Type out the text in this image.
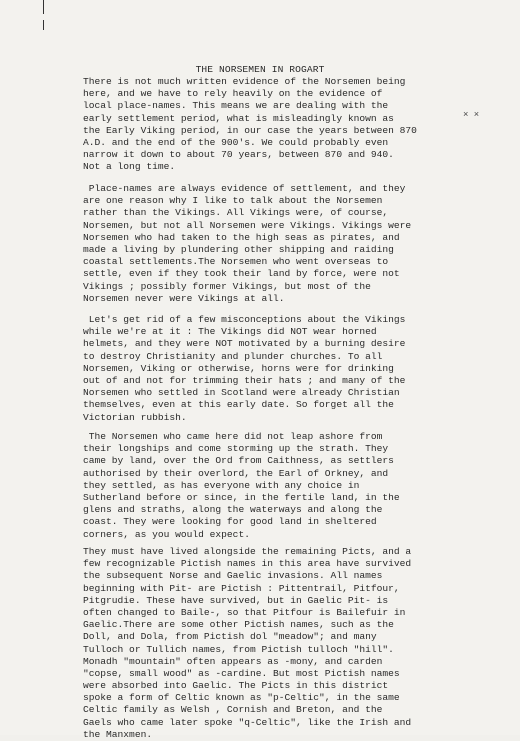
THE NORSEMEN IN ROGART
There is not much written evidence of the Norsemen being
here, and we have to rely heavily on the evidence of
local place-names. This means we are dealing with the
early settlement period, what is misleadingly known as
the Early Viking period, in our case the years between 870
A.D. and the end of the 900's. We could probably even
narrow it down to about 70 years, between 870 and 940.
Not a long time.
Place-names are always evidence of settlement, and they
are one reason why I like to talk about the Norsemen
rather than the Vikings. All Vikings were, of course,
Norsemen, but not all Norsemen were Vikings. Vikings were
Norsemen who had taken to the high seas as pirates, and
made a living by plundering other shipping and raiding
coastal settlements.The Norsemen who went overseas to
settle, even if they took their land by force, were not
Vikings ; possibly former Vikings, but most of the
Norsemen never were Vikings at all.
Let's get rid of a few misconceptions about the Vikings
while we're at it : The Vikings did NOT wear horned
helmets, and they were NOT motivated by a burning desire
to destroy Christianity and plunder churches. To all
Norsemen, Viking or otherwise, horns were for drinking
out of and not for trimming their hats ; and many of the
Norsemen who settled in Scotland were already Christian
themselves, even at this early date. So forget all the
Victorian rubbish.
The Norsemen who came here did not leap ashore from
their longships and come storming up the strath. They
came by land, over the Ord from Caithness, as settlers
authorised by their overlord, the Earl of Orkney, and
they settled, as has everyone with any choice in
Sutherland before or since, in the fertile land, in the
glens and straths, along the waterways and along the
coast. They were looking for good land in sheltered
corners, as you would expect.
They must have lived alongside the remaining Picts, and a
few recognizable Pictish names in this area have survived
the subsequent Norse and Gaelic invasions. All names
beginning with Pit- are Pictish : Pittentrail, Pitfour,
Pitgrudie. These have survived, but in Gaelic Pit- is
often changed to Baile-, so that Pitfour is Bailefuir in
Gaelic.There are some other Pictish names, such as the
Doll, and Dola, from Pictish dol "meadow"; and many
Tulloch or Tullich names, from Pictish tulloch "hill".
Monadh "mountain" often appears as -mony, and carden
"copse, small wood" as -cardine. But most Pictish names
were absorbed into Gaelic. The Picts in this district
spoke a form of Celtic known as "p-Celtic", in the same
Celtic family as Welsh , Cornish and Breton, and the
Gaels who came later spoke "q-Celtic", like the Irish and
the Manxmen.
× ×
